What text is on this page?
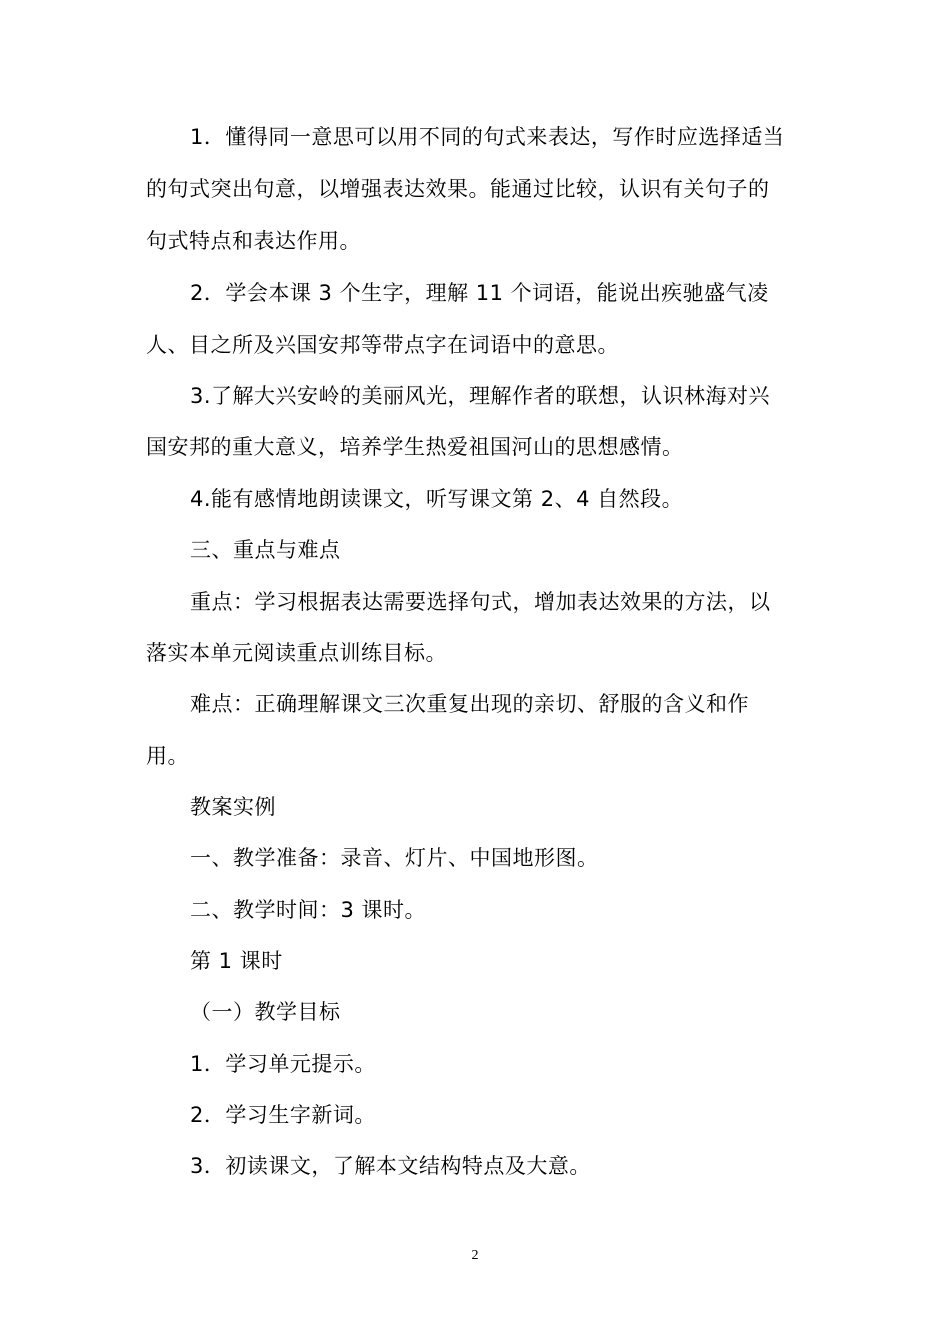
1．懂得同一意思可以用不同的句式来表达，写作时应选择适当
的句式突出句意，以增强表达效果。能通过比较，认识有关句子的
句式特点和表达作用。
2．学会本课 3 个生字，理解 11 个词语，能说出疾驰盛气凌
人、目之所及兴国安邦等带点字在词语中的意思。
3.了解大兴安岭的美丽风光，理解作者的联想，认识林海对兴
国安邦的重大意义，培养学生热爱祖国河山的思想感情。
4.能有感情地朗读课文，听写课文第 2、4 自然段。
三、重点与难点
重点：学习根据表达需要选择句式，增加表达效果的方法，以
落实本单元阅读重点训练目标。
难点：正确理解课文三次重复出现的亲切、舒服的含义和作
用。
教案实例
一、教学准备：录音、灯片、中国地形图。
二、教学时间：3 课时。
第 1 课时
（一）教学目标
1．学习单元提示。
2．学习生字新词。
3．初读课文，了解本文结构特点及大意。
2
